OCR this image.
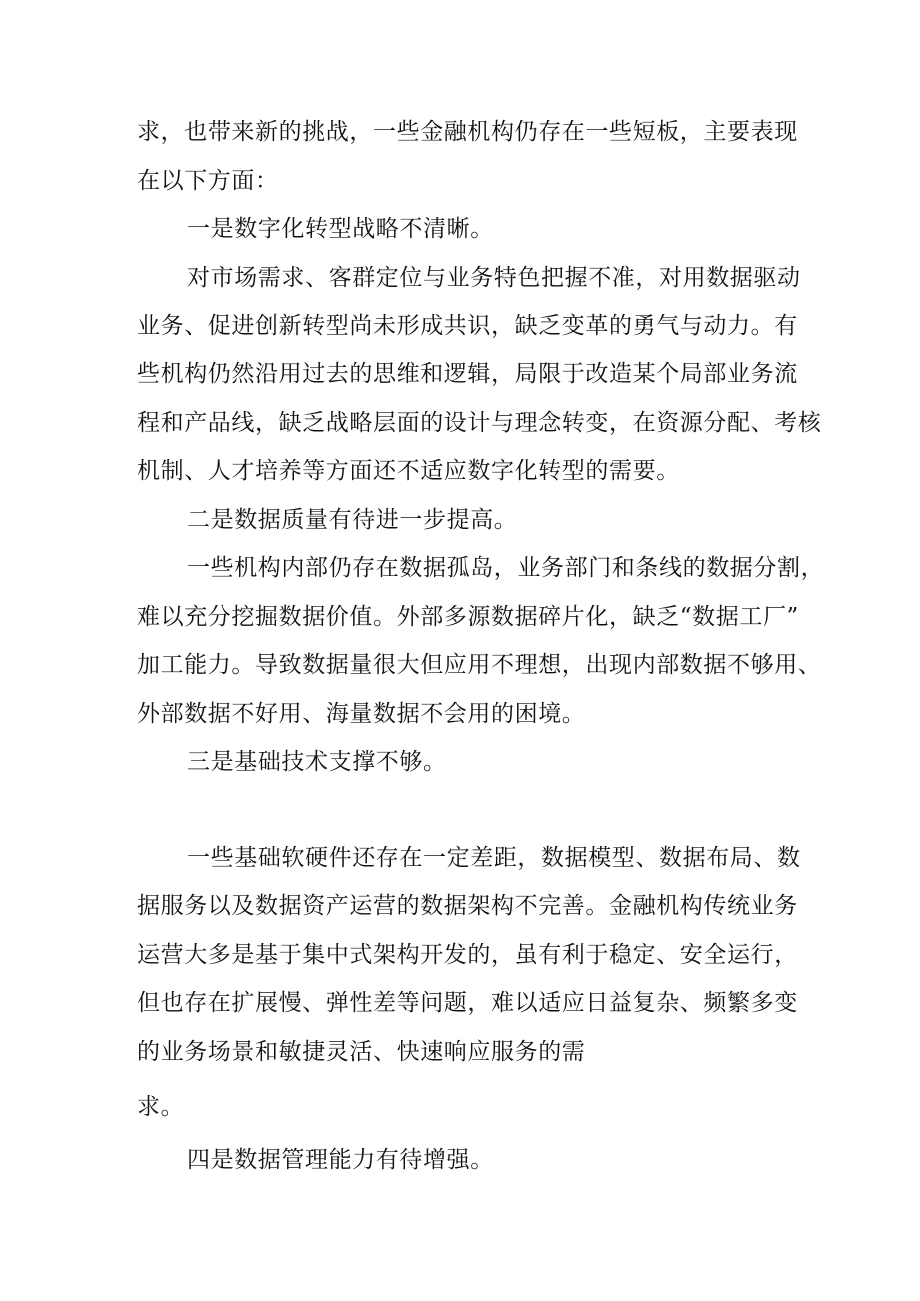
求，也带来新的挑战，一些金融机构仍存在一些短板，主要表现
在以下方面：
一是数字化转型战略不清晰。
对市场需求、客群定位与业务特色把握不准，对用数据驱动
业务、促进创新转型尚未形成共识，缺乏变革的勇气与动力。有
些机构仍然沿用过去的思维和逻辑，局限于改造某个局部业务流
程和产品线，缺乏战略层面的设计与理念转变，在资源分配、考核
机制、人才培养等方面还不适应数字化转型的需要。
二是数据质量有待进一步提高。
一些机构内部仍存在数据孤岛，业务部门和条线的数据分割，
难以充分挖掘数据价值。外部多源数据碎片化，缺乏“数据工厂”
加工能力。导致数据量很大但应用不理想，出现内部数据不够用、
外部数据不好用、海量数据不会用的困境。
三是基础技术支撑不够。
一些基础软硬件还存在一定差距，数据模型、数据布局、数
据服务以及数据资产运营的数据架构不完善。金融机构传统业务
运营大多是基于集中式架构开发的，虽有利于稳定、安全运行，
但也存在扩展慢、弹性差等问题，难以适应日益复杂、频繁多变
的业务场景和敏捷灵活、快速响应服务的需
求。
四是数据管理能力有待增强。
